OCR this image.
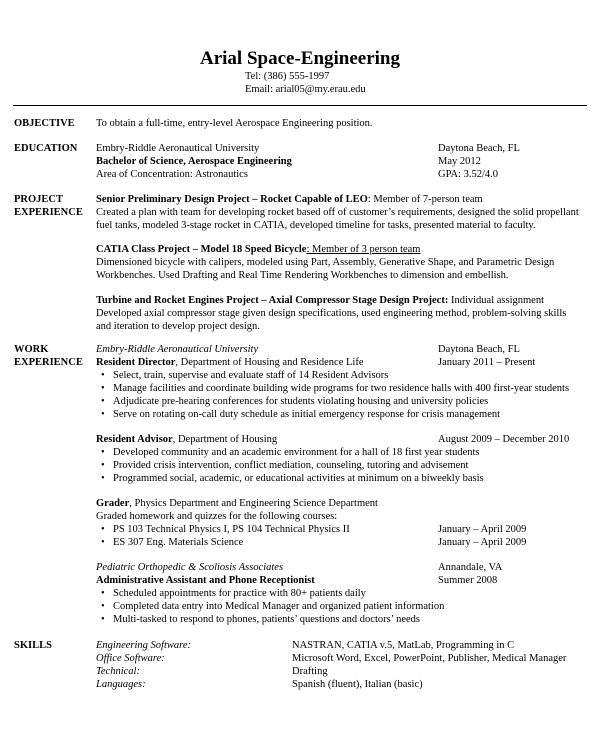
Arial Space-Engineering
Tel: (386) 555-1997
Email: arial05@my.erau.edu
OBJECTIVE To obtain a full-time, entry-level Aerospace Engineering position.
EDUCATION Embry-Riddle Aeronautical University	Daytona Beach, FL
Bachelor of Science, Aerospace Engineering	May 2012
Area of Concentration: Astronautics	GPA: 3.52/4.0
PROJECT
EXPERIENCE
Senior Preliminary Design Project – Rocket Capable of LEO: Member of 7-person team
Created a plan with team for developing rocket based off of customer’s requirements, designed the solid propellant
fuel tanks, modeled 3-stage rocket in CATIA, developed timeline for tasks, presented material to faculty.
CATIA Class Project – Model 18 Speed Bicycle: Member of 3 person team
Dimensioned bicycle with calipers, modeled using Part, Assembly, Generative Shape, and Parametric Design
Workbenches. Used Drafting and Real Time Rendering Workbenches to dimension and embellish.
Turbine and Rocket Engines Project – Axial Compressor Stage Design Project: Individual assignment
Developed axial compressor stage given design specifications, used engineering method, problem-solving skills
and iteration to develop project design.
WORK
EXPERIENCE
Embry-Riddle Aeronautical University	Daytona Beach, FL
Resident Director, Department of Housing and Residence Life	January 2011 – Present
• Select, train, supervise and evaluate staff of 14 Resident Advisors
• Manage facilities and coordinate building wide programs for two residence halls with 400 first-year students
• Adjudicate pre-hearing conferences for students violating housing and university policies
• Serve on rotating on-call duty schedule as initial emergency response for crisis management
Resident Advisor, Department of Housing	August 2009 – December 2010
• Developed community and an academic environment for a hall of 18 first year students
• Provided crisis intervention, conflict mediation, counseling, tutoring and advisement
• Programmed social, academic, or educational activities at minimum on a biweekly basis
Grader, Physics Department and Engineering Science Department
Graded homework and quizzes for the following courses:
• PS 103 Technical Physics I, PS 104 Technical Physics II	January – April 2009
• ES 307 Eng. Materials Science	January – April 2009
Pediatric Orthopedic & Scoliosis Associates	Annandale, VA
Administrative Assistant and Phone Receptionist	Summer 2008
• Scheduled appointments for practice with 80+ patients daily
• Completed data entry into Medical Manager and organized patient information
• Multi-tasked to respond to phones, patients’ questions and doctors’ needs
SKILLS	Engineering Software:	NASTRAN, CATIA v.5, MatLab, Programming in C
Office Software:	Microsoft Word, Excel, PowerPoint, Publisher, Medical Manager
Technical:	Drafting
Languages:	Spanish (fluent), Italian (basic)
